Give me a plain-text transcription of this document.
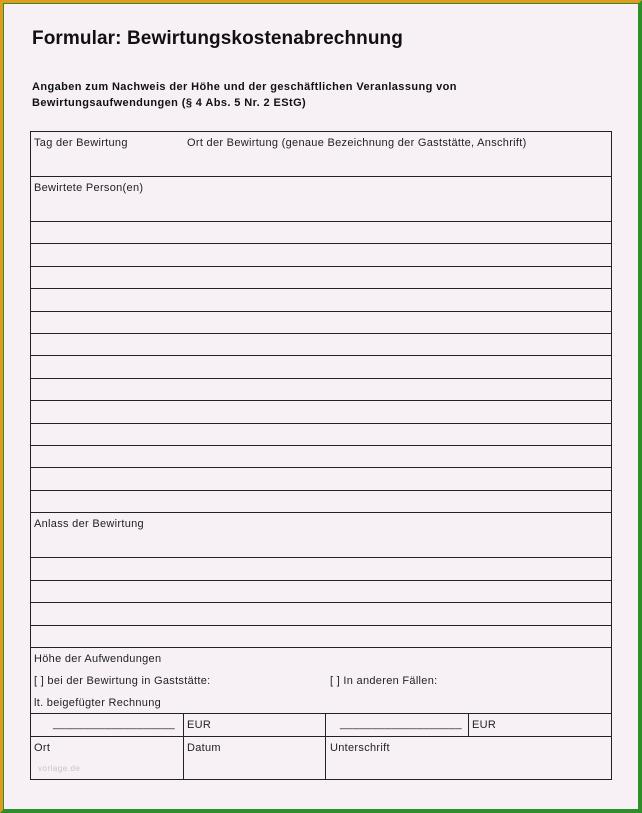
Formular: Bewirtungskostenabrechnung
Angaben zum Nachweis der Höhe und der geschäftlichen Veranlassung von
Bewirtungsaufwendungen (§ 4 Abs. 5 Nr. 2 EStG)
Tag der Bewirtung	Ort der Bewirtung (genaue Bezeichnung der Gaststätte, Anschrift)
Bewirtete Person(en)
Anlass der Bewirtung
Höhe der Aufwendungen
[ ] bei der Bewirtung in Gaststätte:	[ ] In anderen Fällen:
lt. beigefügter Rechnung
___________________ EUR	___________________ EUR
Ort	Datum	Unterschrift
vorlage.de
